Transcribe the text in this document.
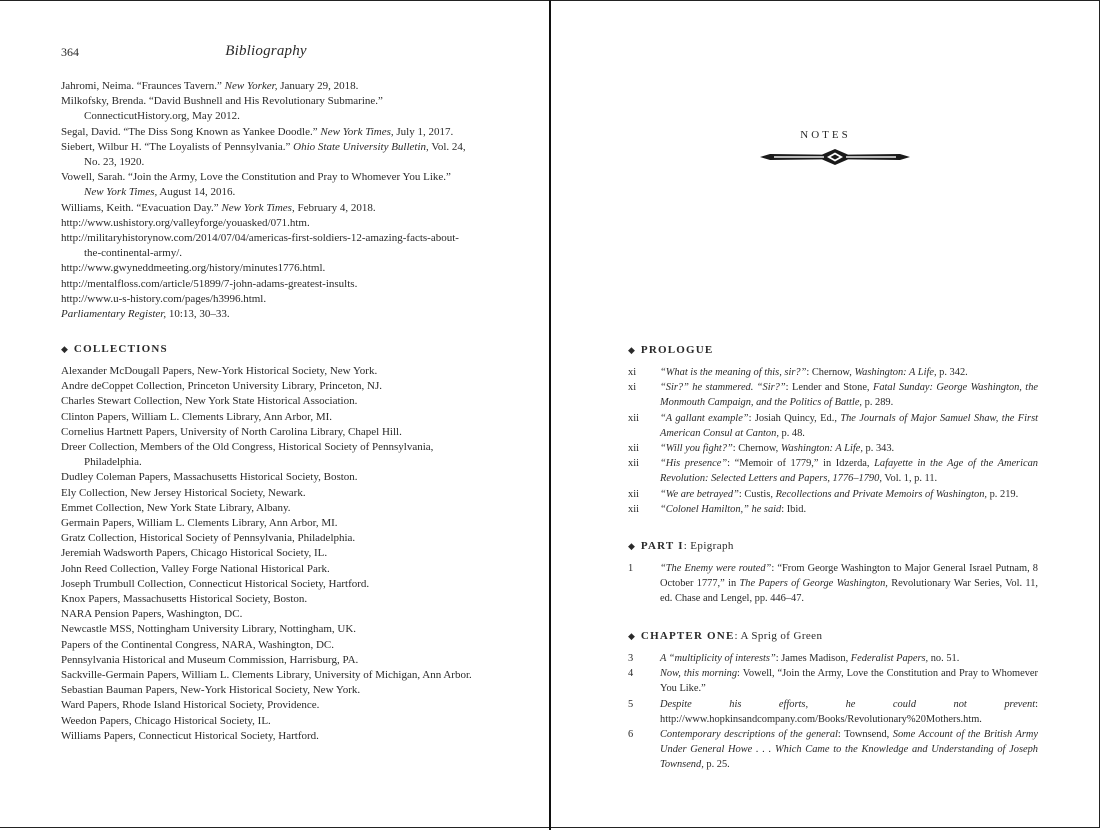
364	Bibliography
Jahromi, Neima. “Fraunces Tavern.” New Yorker, January 29, 2018.
Milkofsky, Brenda. “David Bushnell and His Revolutionary Submarine.” ConnecticutHistory.org, May 2012.
Segal, David. “The Diss Song Known as Yankee Doodle.” New York Times, July 1, 2017.
Siebert, Wilbur H. “The Loyalists of Pennsylvania.” Ohio State University Bulletin, Vol. 24, No. 23, 1920.
Vowell, Sarah. “Join the Army, Love the Constitution and Pray to Whomever You Like.” New York Times, August 14, 2016.
Williams, Keith. “Evacuation Day.” New York Times, February 4, 2018.
http://www.ushistory.org/valleyforge/youasked/071.htm.
http://militaryhistorynow.com/2014/07/04/americas-first-soldiers-12-amazing-facts-about-the-continental-army/.
http://www.gwyneddmeeting.org/history/minutes1776.html.
http://mentalfloss.com/article/51899/7-john-adams-greatest-insults.
http://www.u-s-history.com/pages/h3996.html.
Parliamentary Register, 10:13, 30–33.
◆ COLLECTIONS
Alexander McDougall Papers, New-York Historical Society, New York.
Andre deCoppet Collection, Princeton University Library, Princeton, NJ.
Charles Stewart Collection, New York State Historical Association.
Clinton Papers, William L. Clements Library, Ann Arbor, MI.
Cornelius Hartnett Papers, University of North Carolina Library, Chapel Hill.
Dreer Collection, Members of the Old Congress, Historical Society of Pennsylvania, Philadelphia.
Dudley Coleman Papers, Massachusetts Historical Society, Boston.
Ely Collection, New Jersey Historical Society, Newark.
Emmet Collection, New York State Library, Albany.
Germain Papers, William L. Clements Library, Ann Arbor, MI.
Gratz Collection, Historical Society of Pennsylvania, Philadelphia.
Jeremiah Wadsworth Papers, Chicago Historical Society, IL.
John Reed Collection, Valley Forge National Historical Park.
Joseph Trumbull Collection, Connecticut Historical Society, Hartford.
Knox Papers, Massachusetts Historical Society, Boston.
NARA Pension Papers, Washington, DC.
Newcastle MSS, Nottingham University Library, Nottingham, UK.
Papers of the Continental Congress, NARA, Washington, DC.
Pennsylvania Historical and Museum Commission, Harrisburg, PA.
Sackville-Germain Papers, William L. Clements Library, University of Michigan, Ann Arbor.
Sebastian Bauman Papers, New-York Historical Society, New York.
Ward Papers, Rhode Island Historical Society, Providence.
Weedon Papers, Chicago Historical Society, IL.
Williams Papers, Connecticut Historical Society, Hartford.
NOTES
◆ PROLOGUE
xi “What is the meaning of this, sir?”: Chernow, Washington: A Life, p. 342.
xi “Sir?” he stammered. “Sir?”: Lender and Stone, Fatal Sunday: George Washington, the Monmouth Campaign, and the Politics of Battle, p. 289.
xii “A gallant example”: Josiah Quincy, Ed., The Journals of Major Samuel Shaw, the First American Consul at Canton, p. 48.
xii “Will you fight?”: Chernow, Washington: A Life, p. 343.
xii “His presence”: “Memoir of 1779,” in Idzerda, Lafayette in the Age of the American Revolution: Selected Letters and Papers, 1776–1790, Vol. 1, p. 11.
xii “We are betrayed”: Custis, Recollections and Private Memoirs of Washington, p. 219.
xii “Colonel Hamilton,” he said: Ibid.
◆ PART I: Epigraph
1	“The Enemy were routed”: “From George Washington to Major General Israel Putnam, 8 October 1777,” in The Papers of George Washington, Revolutionary War Series, Vol. 11, ed. Chase and Lengel, pp. 446–47.
◆ CHAPTER ONE: A Sprig of Green
3	A “multiplicity of interests”: James Madison, Federalist Papers, no. 51.
4	Now, this morning: Vowell, “Join the Army, Love the Constitution and Pray to Whomever You Like.”
5	Despite his efforts, he could not prevent: http://www.hopkinsandcompany.com/Books/Revolutionary%20Mothers.htm.
6	Contemporary descriptions of the general: Townsend, Some Account of the British Army Under General Howe . . . Which Came to the Knowledge and Understanding of Joseph Townsend, p. 25.
